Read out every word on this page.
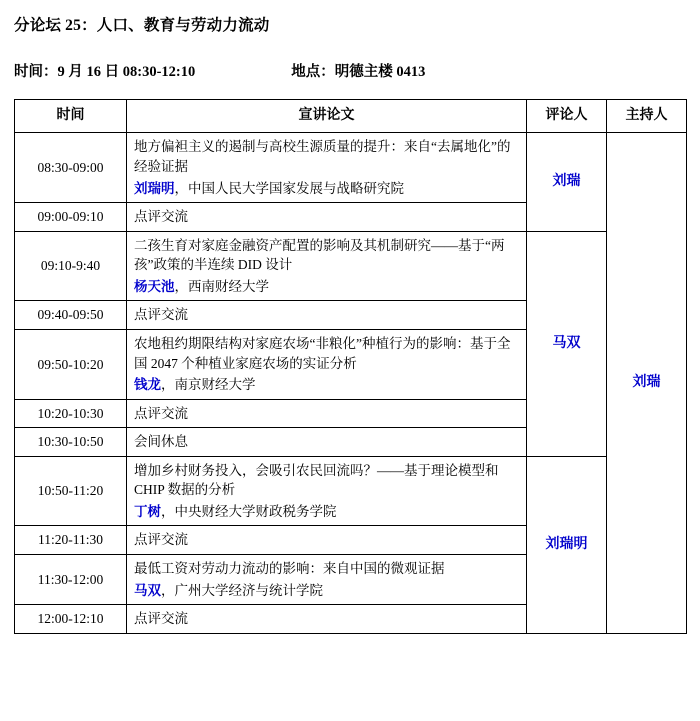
分论坛 25：人口、教育与劳动力流动
时间：9 月 16 日 08:30-12:10	地点：明德主楼 0413
时间	宣讲论文	评论人	主持人
08:30-09:00	地方偏袒主义的遏制与高校生源质量的提升：来自“去属地化”的经验证据
刘瑞明，中国人民大学国家发展与战略研究院	刘瑞	刘瑞
09:00-09:10	点评交流		
09:10-9:40	二孩生育对家庭金融资产配置的影响及其机制研究——基于“两孩”政策的半连续 DID 设计
杨天池，西南财经大学	马双	
09:40-09:50	点评交流		
09:50-10:20	农地租约期限结构对家庭农场“非粮化”种植行为的影响：基于全国 2047 个种植业家庭农场的实证分析
钱龙，南京财经大学		

10:20-10:30	点评交流		
10:30-10:50	会间休息		
10:50-11:20	增加乡村财务投入，会吸引农民回流吗？——基于理论模型和 CHIP 数据的分析
丁树，中央财经大学财政税务学院	刘瑞明	
11:20-11:30	点评交流		
11:30-12:00	最低工资对劳动力流动的影响：来自中国的微观证据
马双，广州大学经济与统计学院		

12:00-12:10	点评交流		
